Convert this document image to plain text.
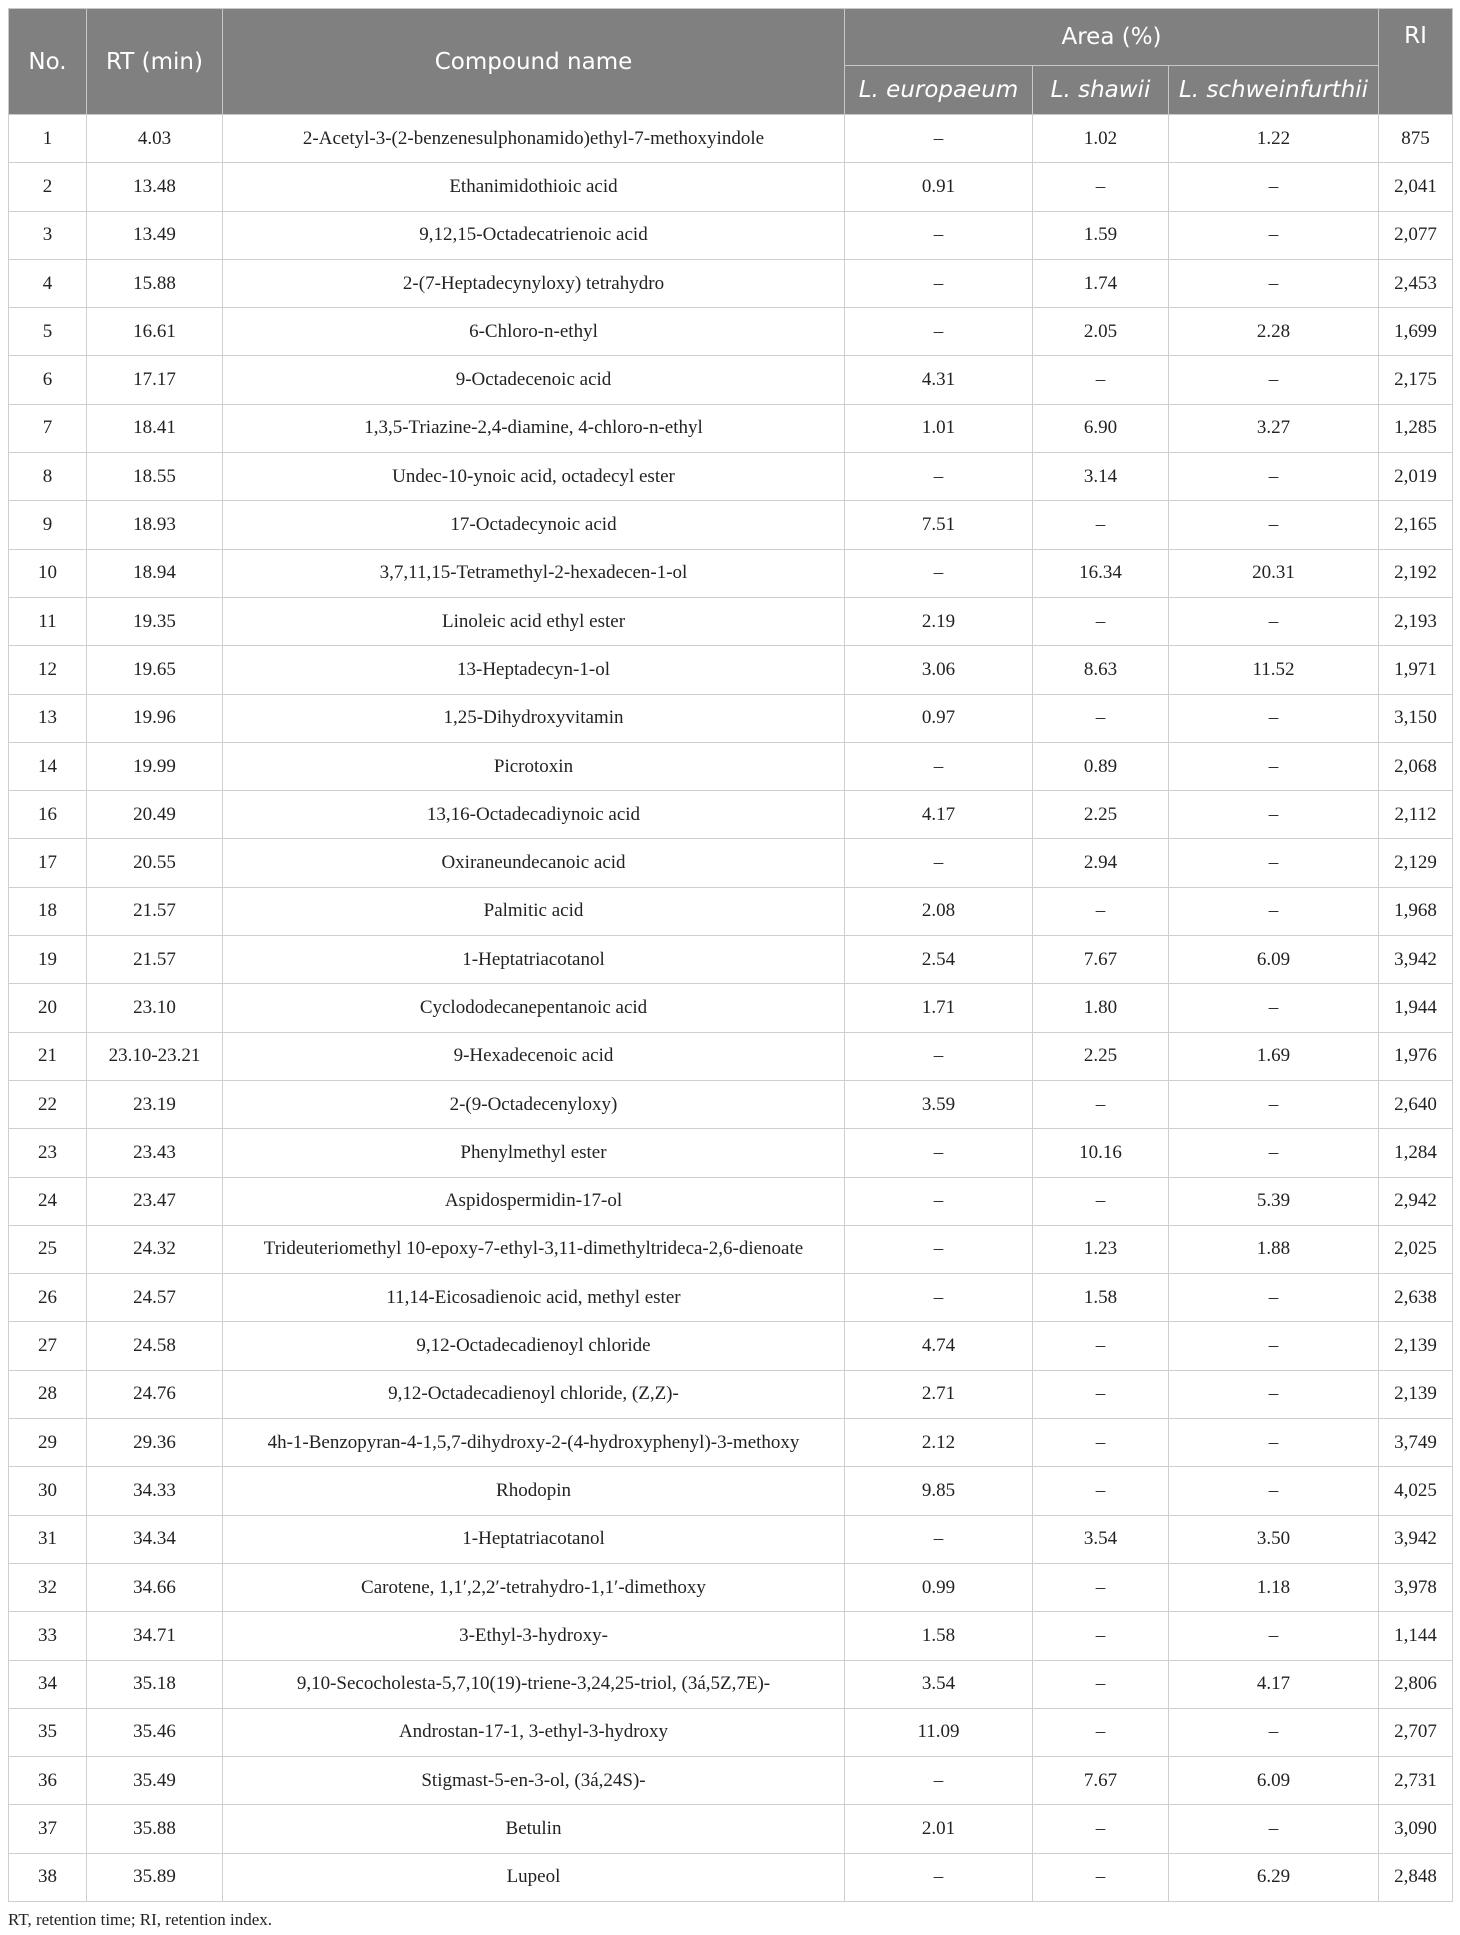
No.	RT (min)	Compound name	Area (%)			RI
			L. europaeum	L. shawii	L. schweinfurthii	
1	4.03	2-Acetyl-3-(2-benzenesulphonamido)ethyl-7-methoxyindole	–	1.02	1.22	875
2	13.48	Ethanimidothioic acid	0.91	–	–	2,041
3	13.49	9,12,15-Octadecatrienoic acid	–	1.59	–	2,077
4	15.88	2-(7-Heptadecynyloxy) tetrahydro	–	1.74	–	2,453
5	16.61	6-Chloro-n-ethyl	–	2.05	2.28	1,699
6	17.17	9-Octadecenoic acid	4.31	–	–	2,175
7	18.41	1,3,5-Triazine-2,4-diamine, 4-chloro-n-ethyl	1.01	6.90	3.27	1,285
8	18.55	Undec-10-ynoic acid, octadecyl ester	–	3.14	–	2,019
9	18.93	17-Octadecynoic acid	7.51	–	–	2,165
10	18.94	3,7,11,15-Tetramethyl-2-hexadecen-1-ol	–	16.34	20.31	2,192
11	19.35	Linoleic acid ethyl ester	2.19	–	–	2,193
12	19.65	13-Heptadecyn-1-ol	3.06	8.63	11.52	1,971
13	19.96	1,25-Dihydroxyvitamin	0.97	–	–	3,150
14	19.99	Picrotoxin	–	0.89	–	2,068
16	20.49	13,16-Octadecadiynoic acid	4.17	2.25	–	2,112
17	20.55	Oxiraneundecanoic acid	–	2.94	–	2,129
18	21.57	Palmitic acid	2.08	–	–	1,968
19	21.57	1-Heptatriacotanol	2.54	7.67	6.09	3,942
20	23.10	Cyclododecanepentanoic acid	1.71	1.80	–	1,944
21	23.10-23.21	9-Hexadecenoic acid	–	2.25	1.69	1,976
22	23.19	2-(9-Octadecenyloxy)	3.59	–	–	2,640
23	23.43	Phenylmethyl ester	–	10.16	–	1,284
24	23.47	Aspidospermidin-17-ol	–	–	5.39	2,942
25	24.32	Trideuteriomethyl 10-epoxy-7-ethyl-3,11-dimethyltrideca-2,6-dienoate	–	1.23	1.88	2,025
26	24.57	11,14-Eicosadienoic acid, methyl ester	–	1.58	–	2,638
27	24.58	9,12-Octadecadienoyl chloride	4.74	–	–	2,139
28	24.76	9,12-Octadecadienoyl chloride, (Z,Z)-	2.71	–	–	2,139
29	29.36	4h-1-Benzopyran-4-1,5,7-dihydroxy-2-(4-hydroxyphenyl)-3-methoxy	2.12	–	–	3,749
30	34.33	Rhodopin	9.85	–	–	4,025
31	34.34	1-Heptatriacotanol	–	3.54	3.50	3,942
32	34.66	Carotene, 1,1′,2,2′-tetrahydro-1,1′-dimethoxy	0.99	–	1.18	3,978
33	34.71	3-Ethyl-3-hydroxy-	1.58	–	–	1,144
34	35.18	9,10-Secocholesta-5,7,10(19)-triene-3,24,25-triol, (3á,5Z,7E)-	3.54	–	4.17	2,806
35	35.46	Androstan-17-1, 3-ethyl-3-hydroxy	11.09	–	–	2,707
36	35.49	Stigmast-5-en-3-ol, (3á,24S)-	–	7.67	6.09	2,731
37	35.88	Betulin	2.01	–	–	3,090
38	35.89	Lupeol	–	–	6.29	2,848
RT, retention time; RI, retention index.
